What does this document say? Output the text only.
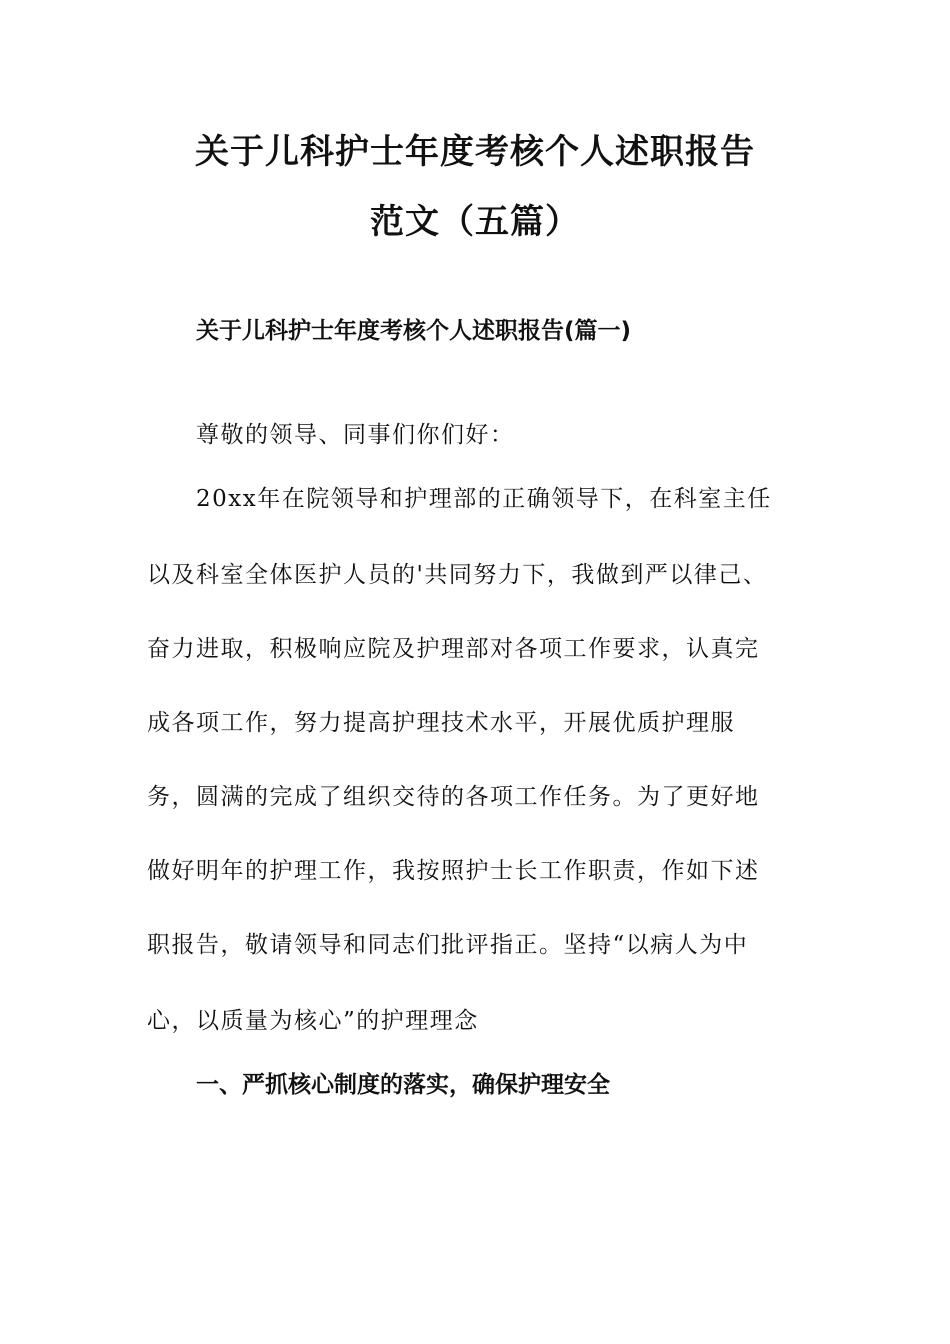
关于儿科护士年度考核个人述职报告
范文（五篇）
关于儿科护士年度考核个人述职报告(篇一)

尊敬的领导、同事们你们好：

20xx年在院领导和护理部的正确领导下，在科室主任

以及科室全体医护人员的'共同努力下，我做到严以律己、

奋力进取，积极响应院及护理部对各项工作要求，认真完

成各项工作，努力提高护理技术水平，开展优质护理服

务，圆满的完成了组织交待的各项工作任务。为了更好地

做好明年的护理工作，我按照护士长工作职责，作如下述

职报告，敬请领导和同志们批评指正。坚持“以病人为中

心，以质量为核心”的护理理念

一、严抓核心制度的落实，确保护理安全
